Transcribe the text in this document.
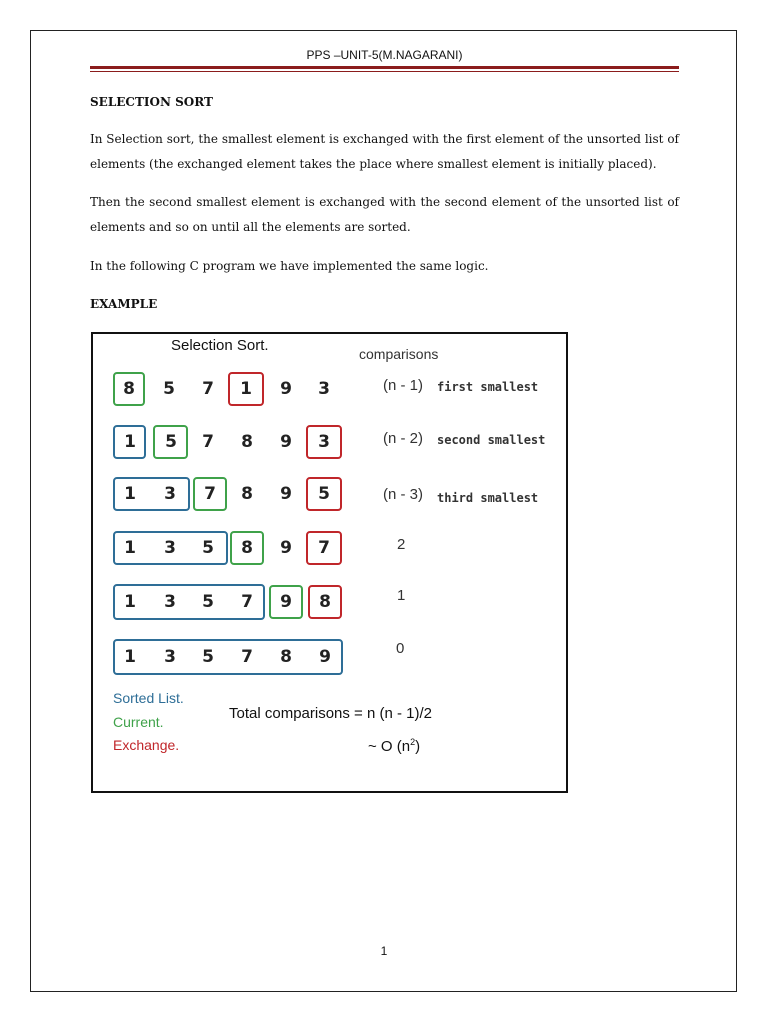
PPS –UNIT-5(M.NAGARANI)
SELECTION SORT
In Selection sort, the smallest element is exchanged with the first element of the unsorted list of elements (the exchanged element takes the place where smallest element is initially placed).
Then the second smallest element is exchanged with the second element of the unsorted list of elements and so on until all the elements are sorted.
In the following C program we have implemented the same logic.
EXAMPLE
Selection Sort.	comparisons
8	5	7	1	9	3	(n - 1) first smallest
1	5	7	8	9	3	(n - 2) second smallest
1	3	7	8	9	5	(n - 3) third smallest
1	3	5	8	9	7	2
1	3	5	7	9	8	1
1	3	5	7	8	9	0
Sorted List.
Current.
Exchange.
Total comparisons = n (n - 1)/2
~ O $(n^2)$
1
